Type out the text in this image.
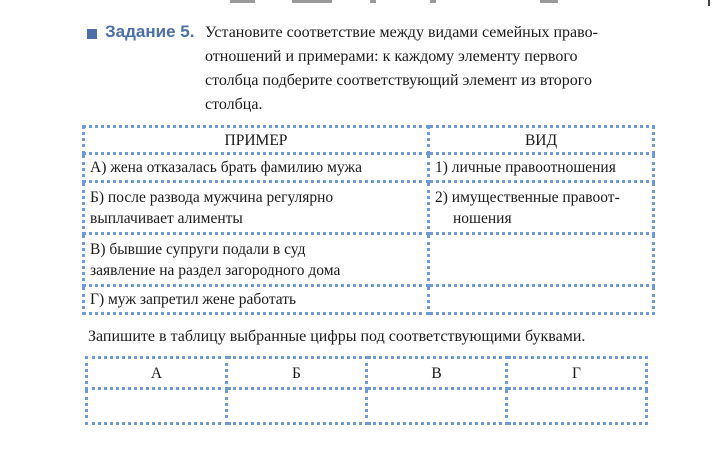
Задание 5. Установите соответствие между видами семейных право-
отношений и примерами: к каждому элементу первого
столбца подберите соответствующий элемент из второго
столбца.
ПРИМЕР	ВИД

А) жена отказалась брать фамилию мужа	1) личные правоотношения

Б) после развода мужчина регулярно
выплачивает алименты	2) имущественные правоот-
ношения

В) бывшие супруги подали в суд
заявление на раздел загородного дома	

Г) муж запретил жене работать	

Запишите в таблицу выбранные цифры под соответствующими буквами.
А	Б	В	Г
